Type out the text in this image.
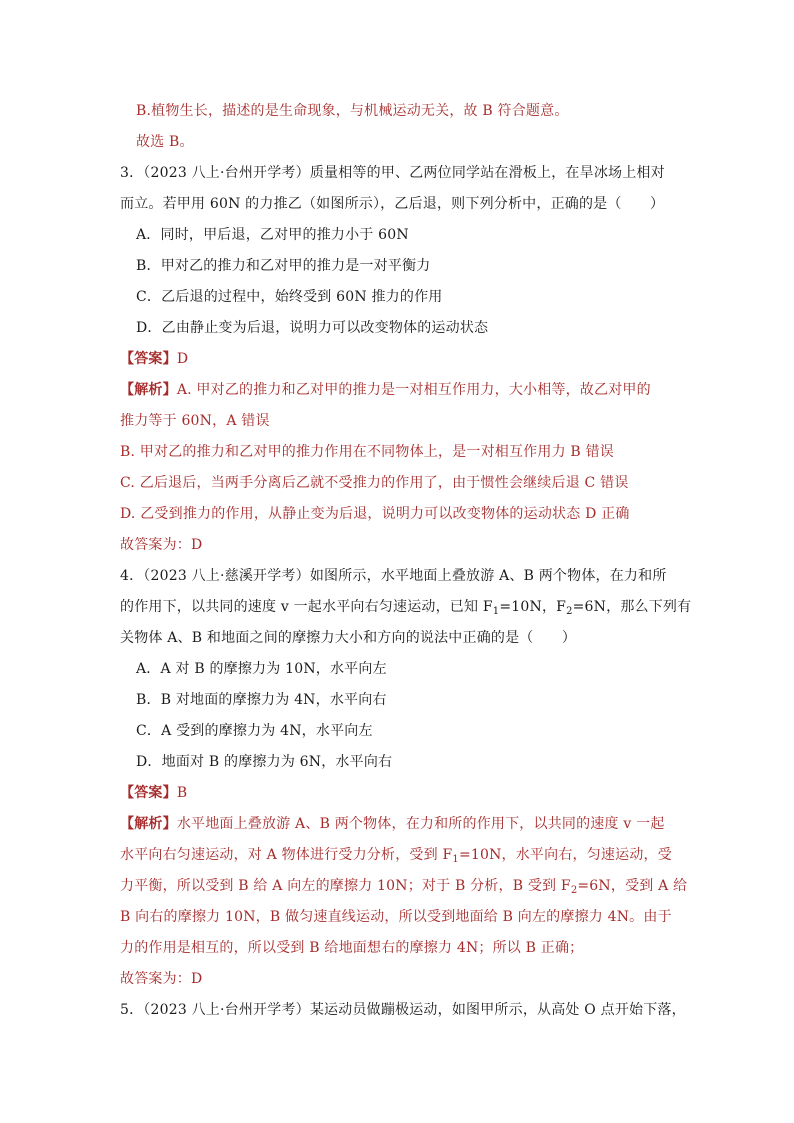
B.植物生长，描述的是生命现象，与机械运动无关，故 B 符合题意。
故选 B。
3．（2023 八上·台州开学考）质量相等的甲、乙两位同学站在滑板上，在旱冰场上相对
而立。若甲用 60N 的力推乙（如图所示），乙后退，则下列分析中，正确的是（　　）
A．同时，甲后退，乙对甲的推力小于 60N
B．甲对乙的推力和乙对甲的推力是一对平衡力
C．乙后退的过程中，始终受到 60N 推力的作用
D．乙由静止变为后退，说明力可以改变物体的运动状态
【答案】D
【解析】A. 甲对乙的推力和乙对甲的推力是一对相互作用力，大小相等，故乙对甲的
推力等于 60N，A 错误
B. 甲对乙的推力和乙对甲的推力作用在不同物体上，是一对相互作用力 B 错误
C. 乙后退后，当两手分离后乙就不受推力的作用了，由于惯性会继续后退 C 错误
D. 乙受到推力的作用，从静止变为后退，说明力可以改变物体的运动状态 D 正确
故答案为：D
4．（2023 八上·慈溪开学考）如图所示，水平地面上叠放游 A、B 两个物体，在力和所
的作用下，以共同的速度 v 一起水平向右匀速运动，已知 $F_1=10N$，$F_2=6N$，那么下列有
关物体 A、B 和地面之间的摩擦力大小和方向的说法中正确的是（　　）
A．A 对 B 的摩擦力为 10N，水平向左
B．B 对地面的摩擦力为 4N，水平向右
C．A 受到的摩擦力为 4N，水平向左
D．地面对 B 的摩擦力为 6N，水平向右
【答案】B
【解析】水平地面上叠放游 A、B 两个物体，在力和所的作用下，以共同的速度 v 一起
水平向右匀速运动，对 A 物体进行受力分析，受到 $F_1=10N$，水平向右，匀速运动，受
力平衡，所以受到 B 给 A 向左的摩擦力 10N；对于 B 分析，B 受到 $F_2=6N$，受到 A 给
B 向右的摩擦力 10N，B 做匀速直线运动，所以受到地面给 B 向左的摩擦力 4N。由于
力的作用是相互的，所以受到 B 给地面想右的摩擦力 4N；所以 B 正确；
故答案为：D
5．（2023 八上·台州开学考）某运动员做蹦极运动，如图甲所示，从高处 O 点开始下落，
